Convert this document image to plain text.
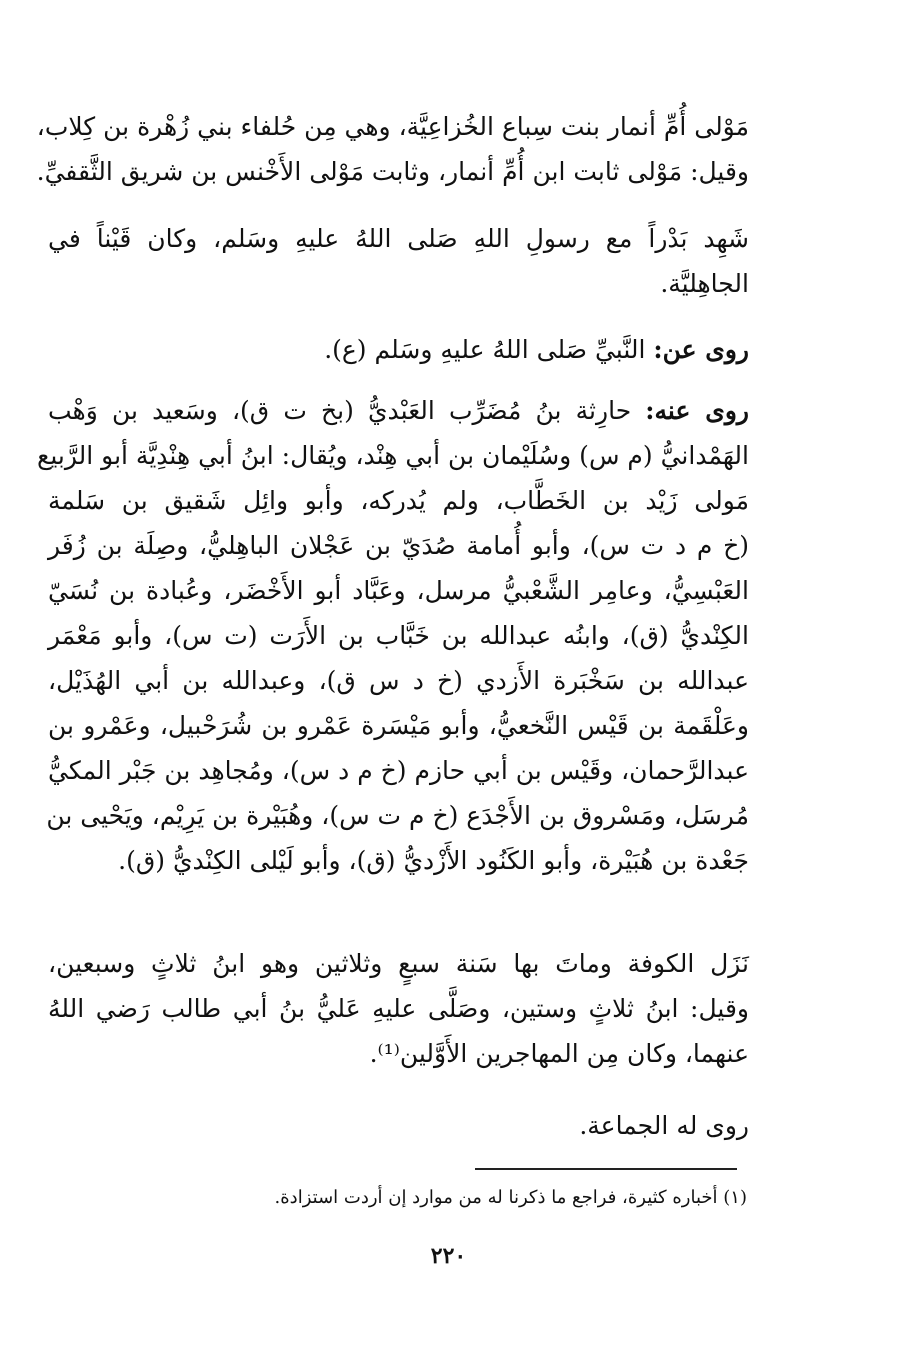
مَوْلى أُمِّ أنمار بنت سِباع الخُزاعِيَّة، وهي مِن حُلفاء بني زُهْرة بن كِلاب،
وقيل: مَوْلى ثابت ابن أُمِّ أنمار، وثابت مَوْلى الأَخْنس بن شريق الثَّقفيِّ.
شَهِد بَدْراً مع رسولِ اللهِ صَلى اللهُ عليهِ وسَلم، وكان قَيْناً في
الجاهِليَّة.
روى عن: النَّبيِّ صَلى اللهُ عليهِ وسَلم (ع).
روى عنه: حارِثة بنُ مُضَرِّب العَبْديُّ (بخ ت ق)، وسَعيد بن وَهْب
الهَمْدانيُّ (م س) وسُلَيْمان بن أبي هِنْد، ويُقال: ابنُ أبي هِنْدِيَّة أبو الرَّبيع
مَولى زَيْد بن الخَطَّاب، ولم يُدركه، وأبو وائِل شَقيق بن سَلمة
(خ م د ت س)، وأبو أُمامة صُدَيّ بن عَجْلان الباهِليُّ، وصِلَة بن زُفَر
العَبْسِيُّ، وعامِر الشَّعْبيُّ مرسل، وعَبَّاد أبو الأَخْضَر، وعُبادة بن نُسَيّ
الكِنْديُّ (ق)، وابنُه عبدالله بن خَبَّاب بن الأَرَت (ت س)، وأبو مَعْمَر
عبدالله بن سَخْبَرة الأَزدي (خ د س ق)، وعبدالله بن أبي الهُذَيْل،
وعَلْقَمة بن قَيْس النَّخعيُّ، وأبو مَيْسَرة عَمْرو بن شُرَحْبيل، وعَمْرو بن
عبدالرَّحمان، وقَيْس بن أبي حازم (خ م د س)، ومُجاهِد بن جَبْر المكيُّ
مُرسَل، ومَسْروق بن الأَجْدَع (خ م ت س)، وهُبَيْرة بن يَرِيْم، ويَحْيى بن
جَعْدة بن هُبَيْرة، وأبو الكَنُود الأَزْديُّ (ق)، وأبو لَيْلى الكِنْديُّ (ق).
نَزَل الكوفة وماتَ بها سَنة سبعٍ وثلاثين وهو ابنُ ثلاثٍ وسبعين،
وقيل: ابنُ ثلاثٍ وستين، وصَلَّى عليهِ عَليُّ بنُ أبي طالب رَضي اللهُ
عنهما، وكان مِن المهاجرين الأَوَّلين⁽¹⁾.
روى له الجماعة.
(١) أخباره كثيرة، فراجع ما ذكرنا له من موارد إن أردت استزادة.
٢٢٠
